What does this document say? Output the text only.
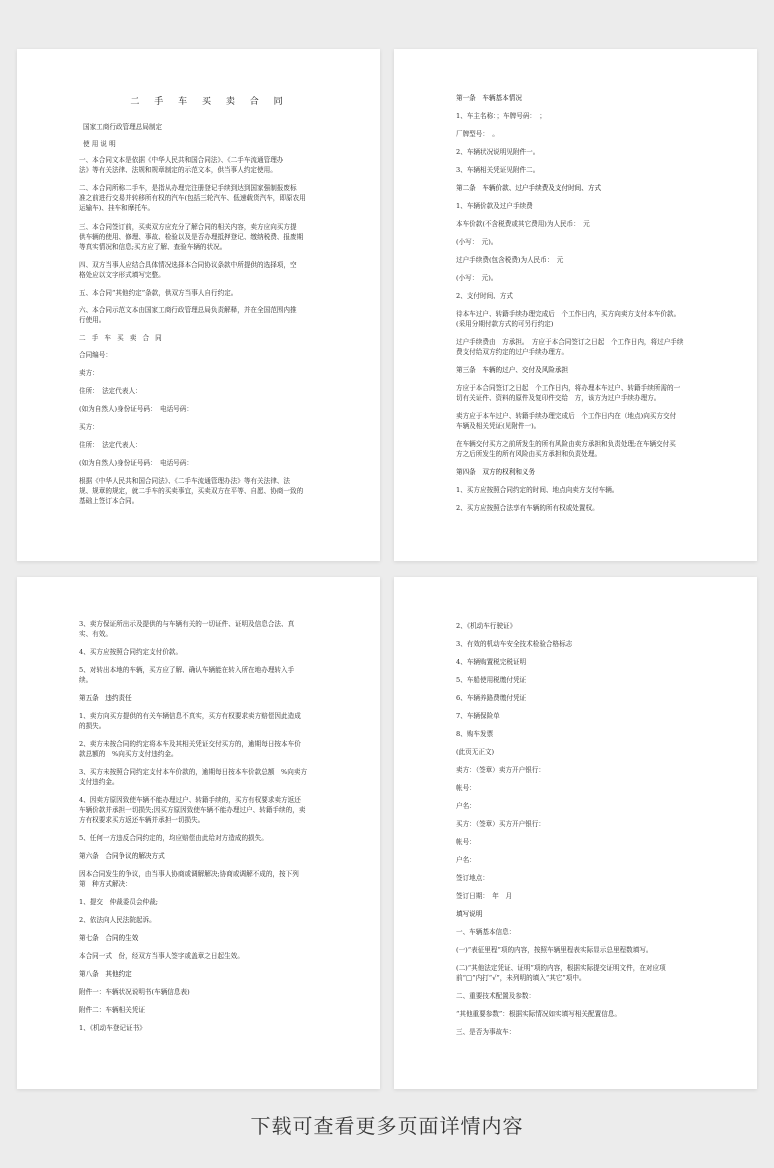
二 手 车 买 卖 合 同
国家工商行政管理总局制定
使 用 说 明
一、本合同文本是依据《中华人民共和国合同法》、《二手车流通管理办
法》等有关法律、法规和规章制定的示范文本，供当事人约定使用。
二、本合同所称二手车，是指从办理完注册登记手续到达到国家强制报废标
准之前进行交易并转移所有权的汽车(包括三轮汽车、低速载货汽车，即原农用
运输车)、挂车和摩托车。
三、本合同签订前，买卖双方应充分了解合同的相关内容，卖方应向买方提
供车辆的使用、修理、事故、检验以及是否办理抵押登记、缴纳税费、报废期
等真实情况和信息;买方应了解、查验车辆的状况。
四、双方当事人应结合具体情况选择本合同协议条款中所提供的选择项，空
格处应以文字形式填写完整。
五、本合同“其他约定”条款，供双方当事人自行约定。
六、本合同示范文本由国家工商行政管理总局负责解释，并在全国范围内推
行使用。
二 手 车 买 卖 合 同
合同编号：
卖方：
住所：　法定代表人：
(如为自然人)身份证号码：　电话号码：
买方：
住所：　法定代表人：
(如为自然人)身份证号码：　电话号码：
根据《中华人民共和国合同法》、《二手车流通管理办法》等有关法律、法
规、规章的规定，就二手车的买卖事宜，买卖双方在平等、自愿、协商一致的
基础上签订本合同。
第一条　车辆基本情况
1、车主名称：；车牌号码：　；
厂牌型号：　。
2、车辆状况说明见附件一。
3、车辆相关凭证见附件二。
第二条　车辆价款、过户手续费及支付时间、方式
1、车辆价款及过户手续费
本车价款(不含税费或其它费用)为人民币：　元
(小写：　元)。
过户手续费(包含税费)为人民币：　元
(小写：　元)。
2、支付时间、方式
待本车过户、转籍手续办理完成后　个工作日内，买方向卖方支付本车价款。
(采用分期付款方式的可另行约定)
过户手续费由　方承担。　方应于本合同签订之日起　个工作日内，将过户手续
费支付给双方约定的过户手续办理方。
第三条　车辆的过户、交付及风险承担
方应于本合同签订之日起　个工作日内，将办理本车过户、转籍手续所需的一
切有关证件、资料的原件及复印件交给　方，该方为过户手续办理方。
卖方应于本车过户、转籍手续办理完成后　个工作日内在（地点)向买方交付
车辆及相关凭证(见附件一)。
在车辆交付买方之前所发生的所有风险由卖方承担和负责处理;在车辆交付买
方之后所发生的所有风险由买方承担和负责处理。
第四条　双方的权利和义务
1、买方应按照合同约定的时间、地点向卖方支付车辆。
2、买方应按照合法享有车辆的所有权或处置权。
3、卖方保证所出示及提供的与车辆有关的一切证件、证明及信息合法、真
实、有效。
4、买方应按照合同约定支付价款。
5、对转出本地的车辆，买方应了解、确认车辆能在转入所在地办理转入手
续。
第五条　违约责任
1、卖方向买方提供的有关车辆信息不真实，买方有权要求卖方赔偿因此造成
的损失。
2、卖方未按合同的约定将本车及其相关凭证交付买方的，逾期每日按本车价
款总额的　%向买方支付违约金。
3、买方未按照合同约定支付本车价款的，逾期每日按本车价款总额　%向卖方
支付违约金。
4、因卖方原因致使车辆不能办理过户、转籍手续的，买方有权要求卖方返还
车辆价款并承担一切损失;因买方原因致使车辆不能办理过户、转籍手续的，卖
方有权要求买方返还车辆并承担一切损失。
5、任何一方违反合同约定的，均应赔偿由此给对方造成的损失。
第六条　合同争议的解决方式
因本合同发生的争议，由当事人协商或调解解决;协商或调解不成的，按下列
第　种方式解决：
1、提交　仲裁委员会仲裁;
2、依法向人民法院起诉。
第七条　合同的生效
本合同一式　份，经双方当事人签字或盖章之日起生效。
第八条　其他约定
附件一：车辆状况说明书(车辆信息表)
附件二：车辆相关凭证
1、《机动车登记证书》
2、《机动车行驶证》
3、有效的机动车安全技术检验合格标志
4、车辆购置税完税证明
5、车船使用税缴付凭证
6、车辆养路费缴付凭证
7、车辆保险单
8、购车发票
(此页无正文)
卖方：（签章）卖方开户银行：
帐号：
户名：
买方：（签章）买方开户银行：
帐号：
户名：
签订地点：
签订日期：　年　月
填写说明
一、车辆基本信息：
(一)“表征里程”项的内容，按照车辆里程表实际显示总里程数填写。
(二)“其他法定凭证、证明”项的内容，根据实际提交证明文件，在对应项
前“□”内打“√”，未列明的填入“其它”项中。
二、重要技术配置及参数：
“其他重要参数”：根据实际情况如实填写相关配置信息。
三、是否为事故车：
下载可查看更多页面详情内容
